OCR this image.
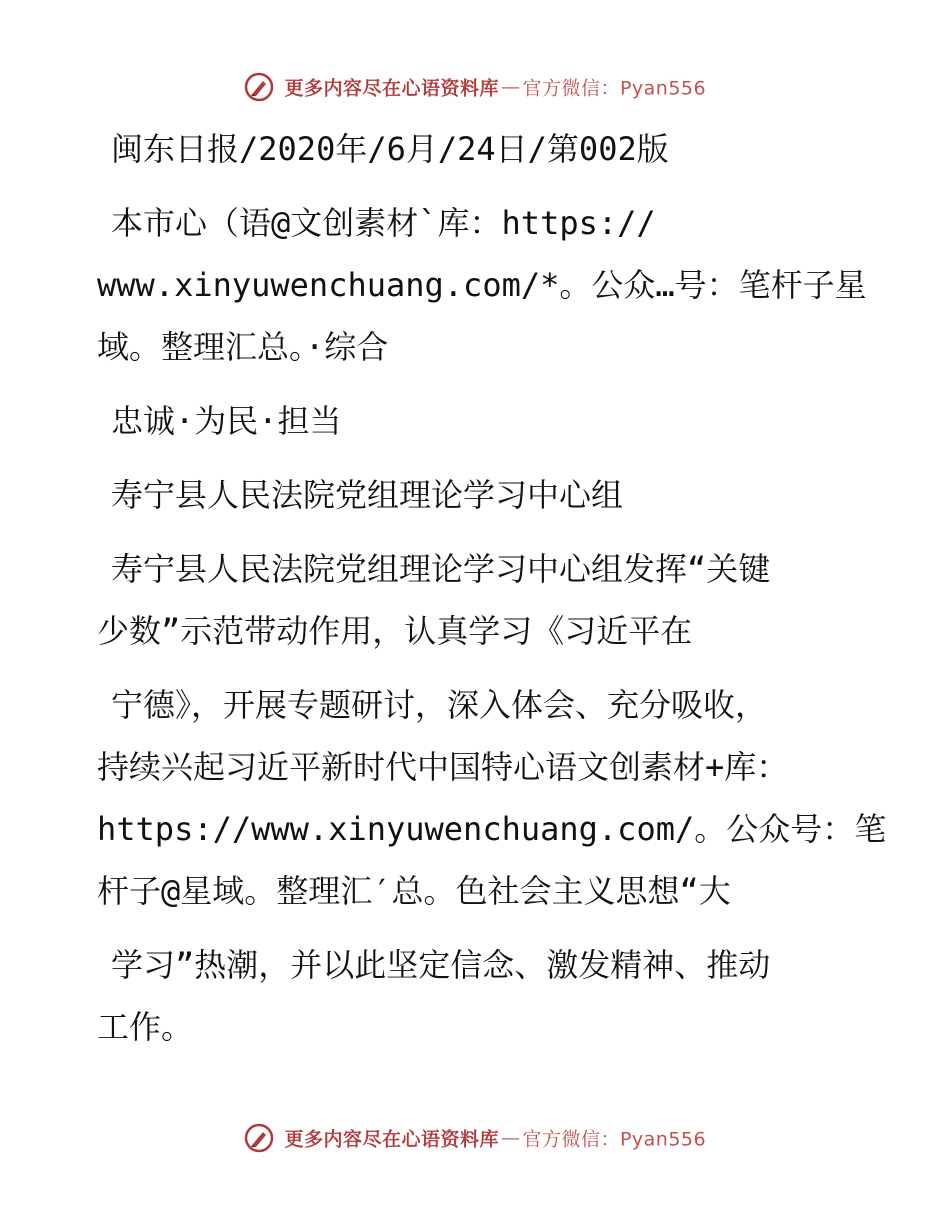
更多内容尽在心语资料库 — 官方微信：Pyan556
闽东日报/2020年/6月/24日/第002版
本市心（语@文创素材`库：https://
www.xinyuwenchuang.com/*。公众…号：笔杆子星
域。整理汇总。·综合
忠诚·为民·担当
寿宁县人民法院党组理论学习中心组
寿宁县人民法院党组理论学习中心组发挥“关键
少数”示范带动作用，认真学习《习近平在
宁德》，开展专题研讨，深入体会、充分吸收，
持续兴起习近平新时代中国特心语文创素材+库：
https://www.xinyuwenchuang.com/。公众号：笔
杆子@星域。整理汇′总。色社会主义思想“大
学习”热潮，并以此坚定信念、激发精神、推动
工作。
更多内容尽在心语资料库 — 官方微信：Pyan556
